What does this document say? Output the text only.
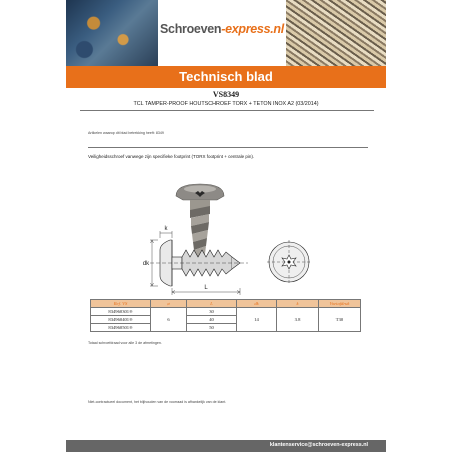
Schroeven-express.nl
Technisch blad
VS8349
TCL TAMPER-PROOF HOUTSCHROEF TORX + TETON INOX A2 (03/2014)
Artikelen waarop dit blad betrekking heeft: 8349
Veiligheidsschroef vanwege zijn specifieke footprint (TORX footprint + centrale pin).
dk
k
L
Ref. VS	ø	L	dk	k	Voetafdruk
834960301®	6	30	14	3.8	T30
834960401®		40			
834960501®		50			
Totaal schroefdraad voor alle 3 de afmetingen.
Niet-contractueel document, het blijhouden van de voorraad is afhankelijk van de klant.
klantenservice@schroeven-express.nl
